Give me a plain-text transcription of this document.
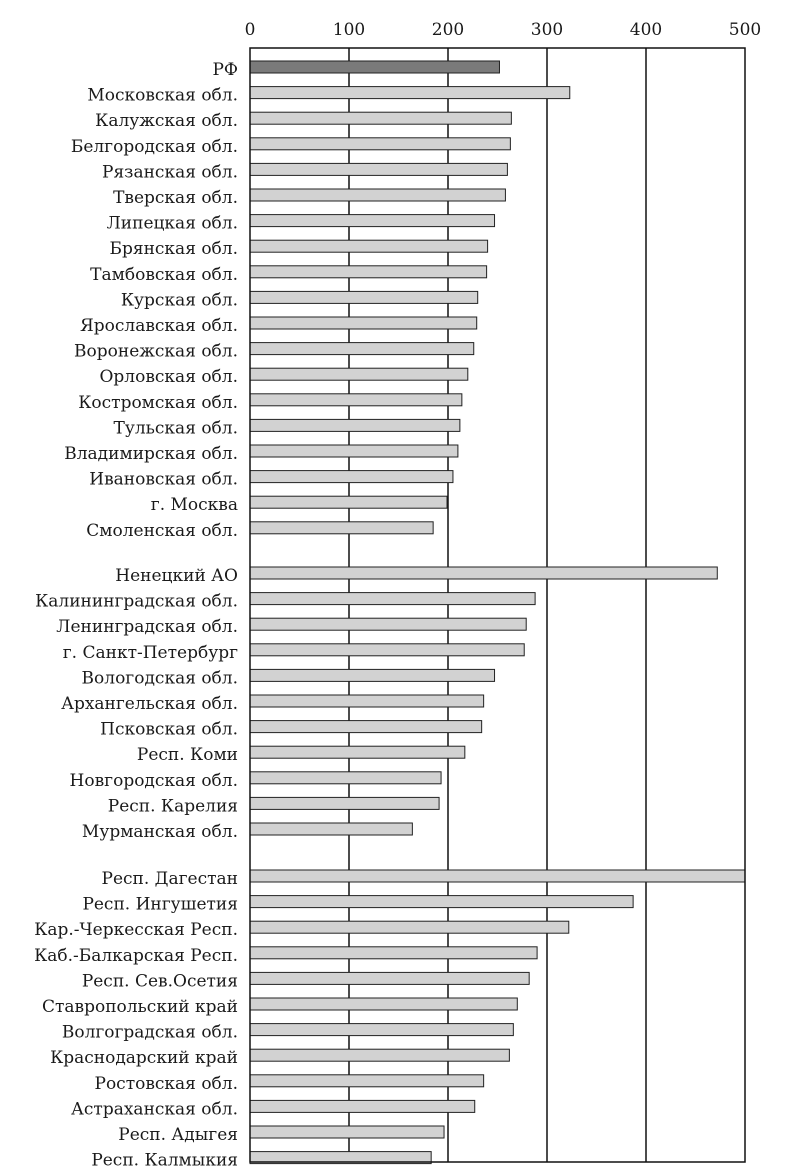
РФ
Московская обл.
Калужская обл.
Белгородская обл.
Рязанская обл.
Тверская обл.
Липецкая обл.
Брянская обл.
Тамбовская обл.
Курская обл.
Ярославская обл.
Воронежская обл.
Орловская обл.
Костромская обл.
Тульская обл.
Владимирская обл.
Ивановская обл.
г. Москва
Смоленская обл.
Ненецкий АО
Калининградская обл.
Ленинградская обл.
г. Санкт-Петербург
Вологодская обл.
Архангельская обл.
Псковская обл.
Респ. Коми
Новгородская обл.
Респ. Карелия
Мурманская обл.
Респ. Дагестан
Респ. Ингушетия
Кар.-Черкесская Респ.
Каб.-Балкарская Респ.
Респ. Сев.Осетия
Ставропольский край
Волгоградская обл.
Краснодарский край
Ростовская обл.
Астраханская обл.
Респ. Адыгея
Респ. Калмыкия
0	100	200	300	400	500
